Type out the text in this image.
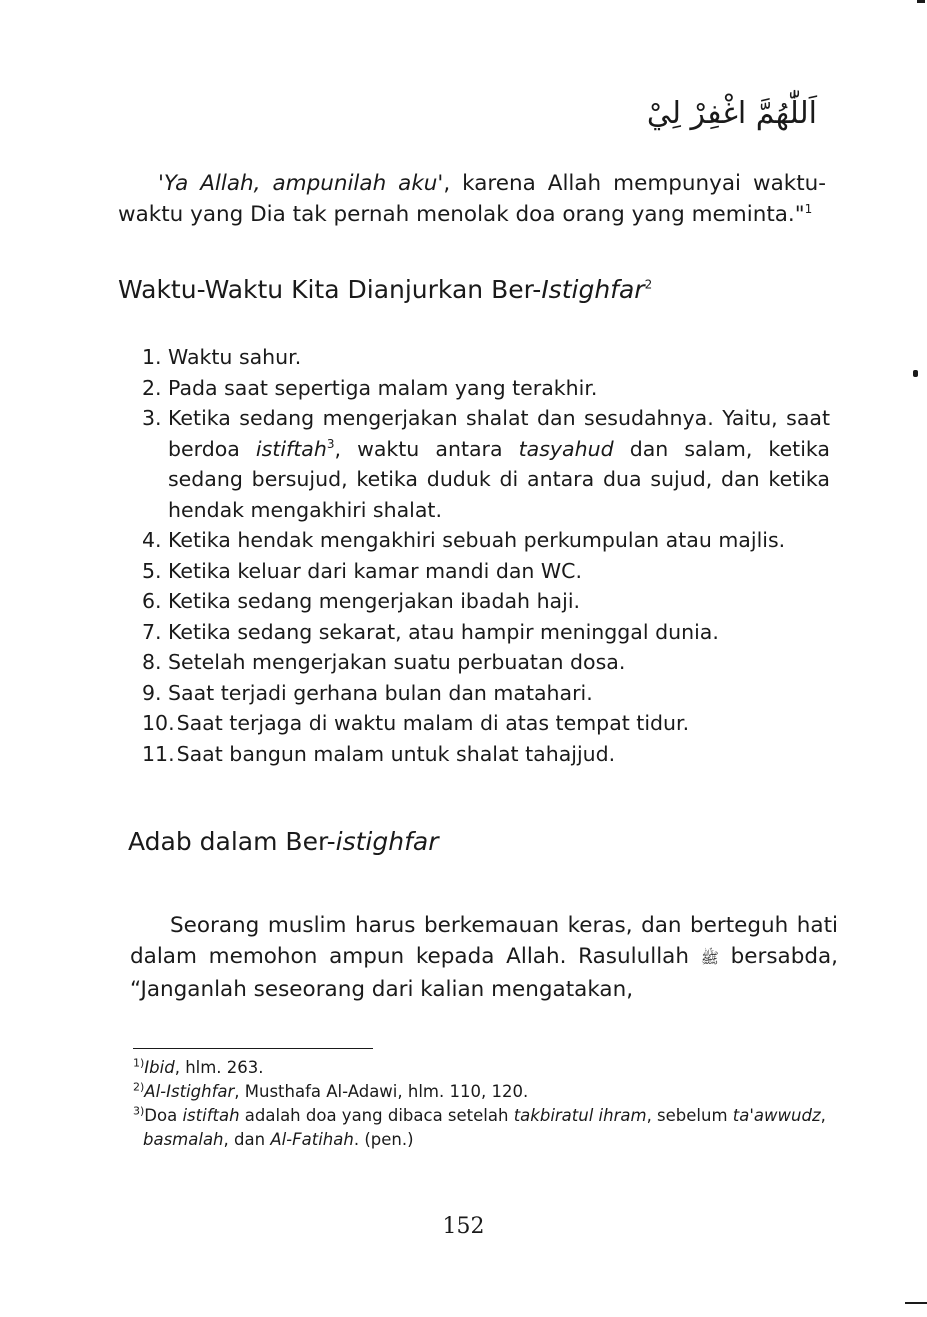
اَللّٰهُمَّ اغْفِرْ لِيْ

'Ya Allah, ampunilah aku', karena Allah mempunyai waktu-waktu yang Dia tak pernah menolak doa orang yang meminta."$^1$

Waktu-Waktu Kita Dianjurkan Ber-Istighfar$^2$
1. Waktu sahur.
2. Pada saat sepertiga malam yang terakhir.
3. Ketika sedang mengerjakan shalat dan sesudahnya. Yaitu, saat berdoa istiftah$^3$, waktu antara tasyahud dan salam, ketika sedang bersujud, ketika duduk di antara dua sujud, dan ketika hendak mengakhiri shalat.
4. Ketika hendak mengakhiri sebuah perkumpulan atau majlis.
5. Ketika keluar dari kamar mandi dan WC.
6. Ketika sedang mengerjakan ibadah haji.
7. Ketika sedang sekarat, atau hampir meninggal dunia.
8. Setelah mengerjakan suatu perbuatan dosa.
9. Saat terjadi gerhana bulan dan matahari.
10. Saat terjaga di waktu malam di atas tempat tidur.
11. Saat bangun malam untuk shalat tahajjud.
Adab dalam Ber-istighfar

Seorang muslim harus berkemauan keras, dan berteguh hati dalam memohon ampun kepada Allah. Rasulullah ﷺ bersabda, “Janganlah seseorang dari kalian mengatakan,

$^{1)}$Ibid, hlm. 263.

$^{2)}$Al-Istighfar, Musthafa Al-Adawi, hlm. 110, 120.

$^{3)}$Doa istiftah adalah doa yang dibaca setelah takbiratul ihram, sebelum ta'awwudz,

basmalah, dan Al-Fatihah. (pen.)

152
